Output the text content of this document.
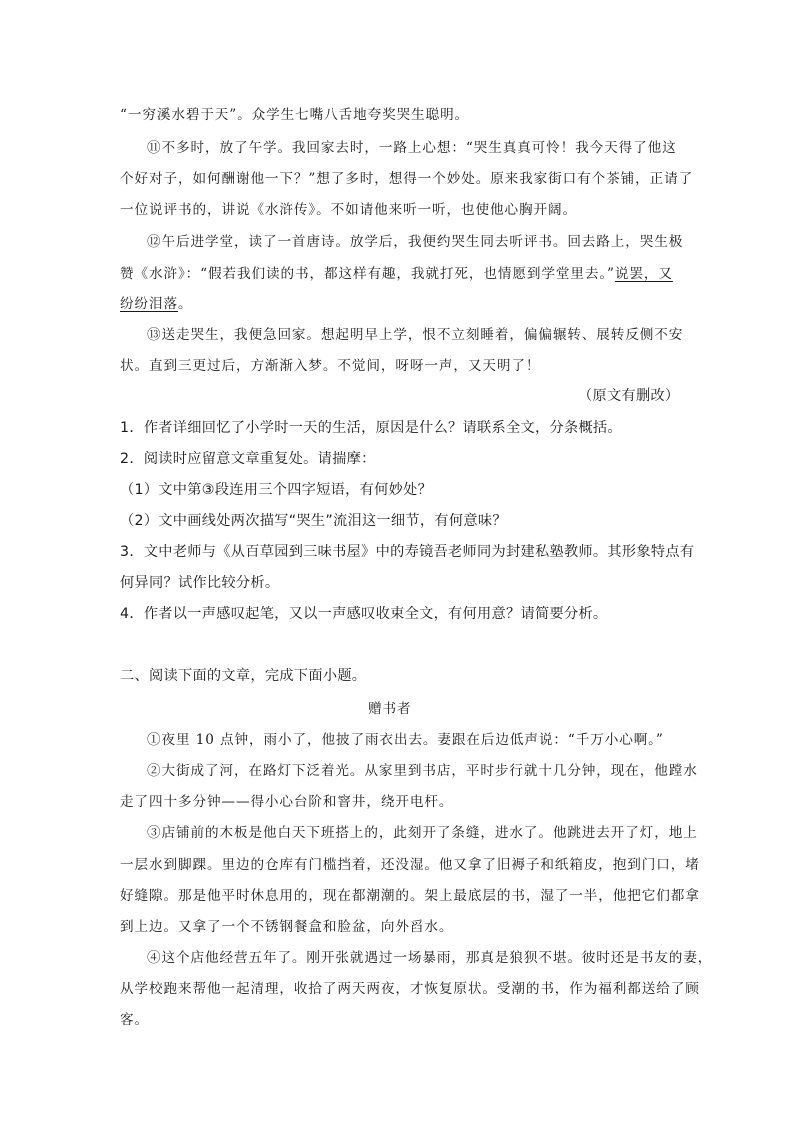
“一穷溪水碧于天”。众学生七嘴八舌地夸奖哭生聪明。
⑪不多时，放了午学。我回家去时，一路上心想：“哭生真真可怜！我今天得了他这
个好对子，如何酬谢他一下？”想了多时，想得一个妙处。原来我家街口有个茶铺，正请了
一位说评书的，讲说《水浒传》。不如请他来听一听，也使他心胸开阔。
⑫午后进学堂，读了一首唐诗。放学后，我便约哭生同去听评书。回去路上，哭生极
赞《水浒》：“假若我们读的书，都这样有趣，我就打死，也情愿到学堂里去。”说罢，又
纷纷泪落。
⑬送走哭生，我便急回家。想起明早上学，恨不立刻睡着，偏偏辗转、展转反侧不安
状。直到三更过后，方渐渐入梦。不觉间，呀呀一声，又天明了！
（原文有删改）
1．作者详细回忆了小学时一天的生活，原因是什么？请联系全文，分条概括。
2．阅读时应留意文章重复处。请揣摩：
（1）文中第③段连用三个四字短语，有何妙处？
（2）文中画线处两次描写“哭生”流泪这一细节，有何意味？
3．文中老师与《从百草园到三味书屋》中的寿镜吾老师同为封建私塾教师。其形象特点有
何异同？试作比较分析。
4．作者以一声感叹起笔，又以一声感叹收束全文，有何用意？请简要分析。
二、阅读下面的文章，完成下面小题。
赠书者
①夜里 10 点钟，雨小了，他披了雨衣出去。妻跟在后边低声说：“千万小心啊。”
②大街成了河，在路灯下泛着光。从家里到书店，平时步行就十几分钟，现在，他蹚水
走了四十多分钟——得小心台阶和窨井，绕开电杆。
③店铺前的木板是他白天下班搭上的，此刻开了条缝，进水了。他跳进去开了灯，地上
一层水到脚踝。里边的仓库有门槛挡着，还没湿。他又拿了旧褥子和纸箱皮，抱到门口，堵
好缝隙。那是他平时休息用的，现在都潮潮的。架上最底层的书，湿了一半，他把它们都拿
到上边。又拿了一个不锈钢餐盒和脸盆，向外舀水。
④这个店他经营五年了。刚开张就遇过一场暴雨，那真是狼狈不堪。彼时还是书友的妻，
从学校跑来帮他一起清理，收拾了两天两夜，才恢复原状。受潮的书，作为福利都送给了顾
客。
